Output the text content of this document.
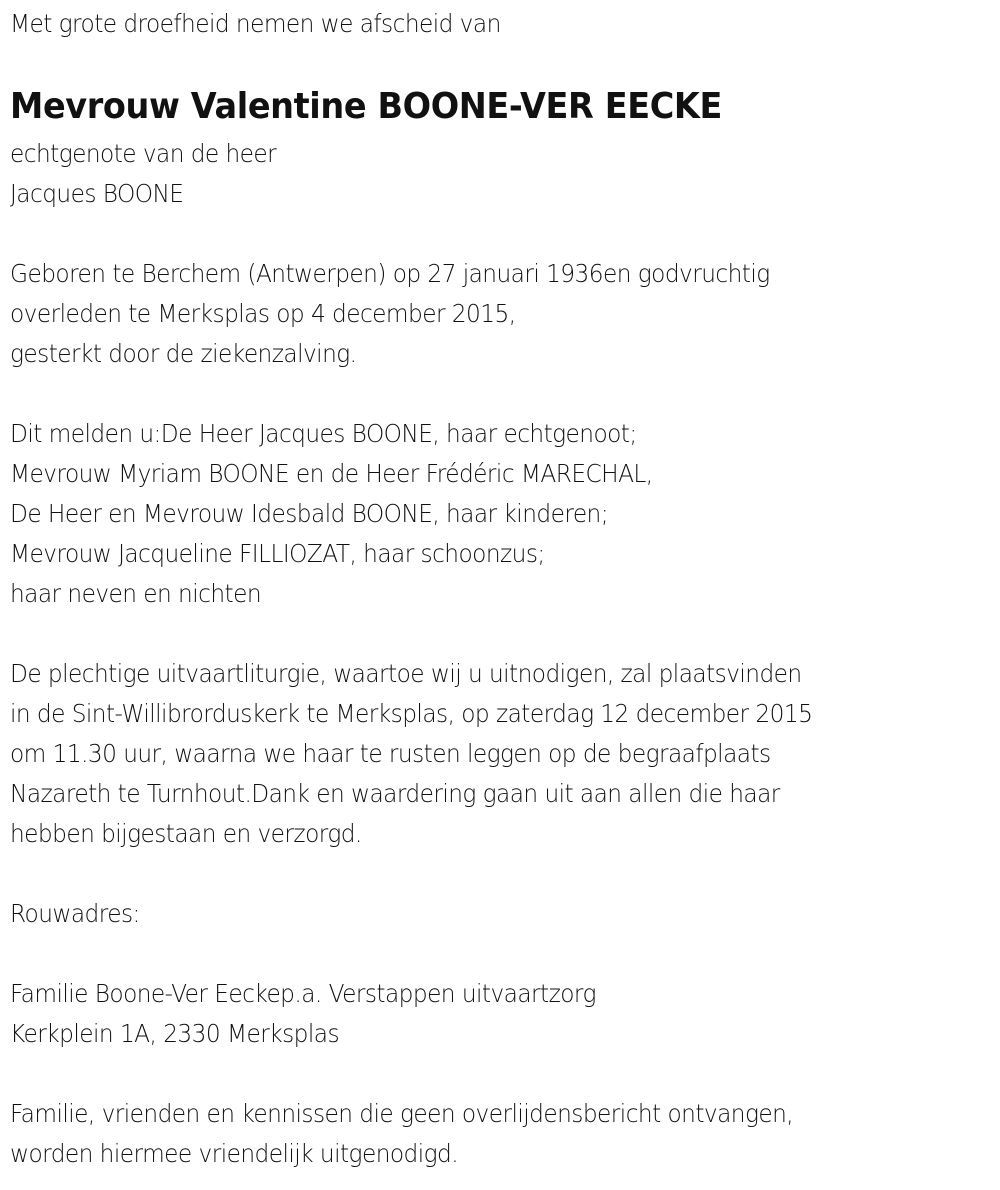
Met grote droefheid nemen we afscheid van
Mevrouw Valentine BOONE-VER EECKE
echtgenote van de heer
Jacques BOONE
Geboren te Berchem (Antwerpen) op 27 januari 1936en godvruchtig
overleden te Merksplas op 4 december 2015,
gesterkt door de ziekenzalving.
Dit melden u:De Heer Jacques BOONE, haar echtgenoot;
Mevrouw Myriam BOONE en de Heer Frédéric MARECHAL,
De Heer en Mevrouw Idesbald BOONE, haar kinderen;
Mevrouw Jacqueline FILLIOZAT, haar schoonzus;
haar neven en nichten
De plechtige uitvaartliturgie, waartoe wij u uitnodigen, zal plaatsvinden
in de Sint-Willibrorduskerk te Merksplas, op zaterdag 12 december 2015
om 11.30 uur, waarna we haar te rusten leggen op de begraafplaats
Nazareth te Turnhout.Dank en waardering gaan uit aan allen die haar
hebben bijgestaan en verzorgd.
Rouwadres:
Familie Boone-Ver Eeckep.a. Verstappen uitvaartzorg
Kerkplein 1A, 2330 Merksplas
Familie, vrienden en kennissen die geen overlijdensbericht ontvangen,
worden hiermee vriendelijk uitgenodigd.
